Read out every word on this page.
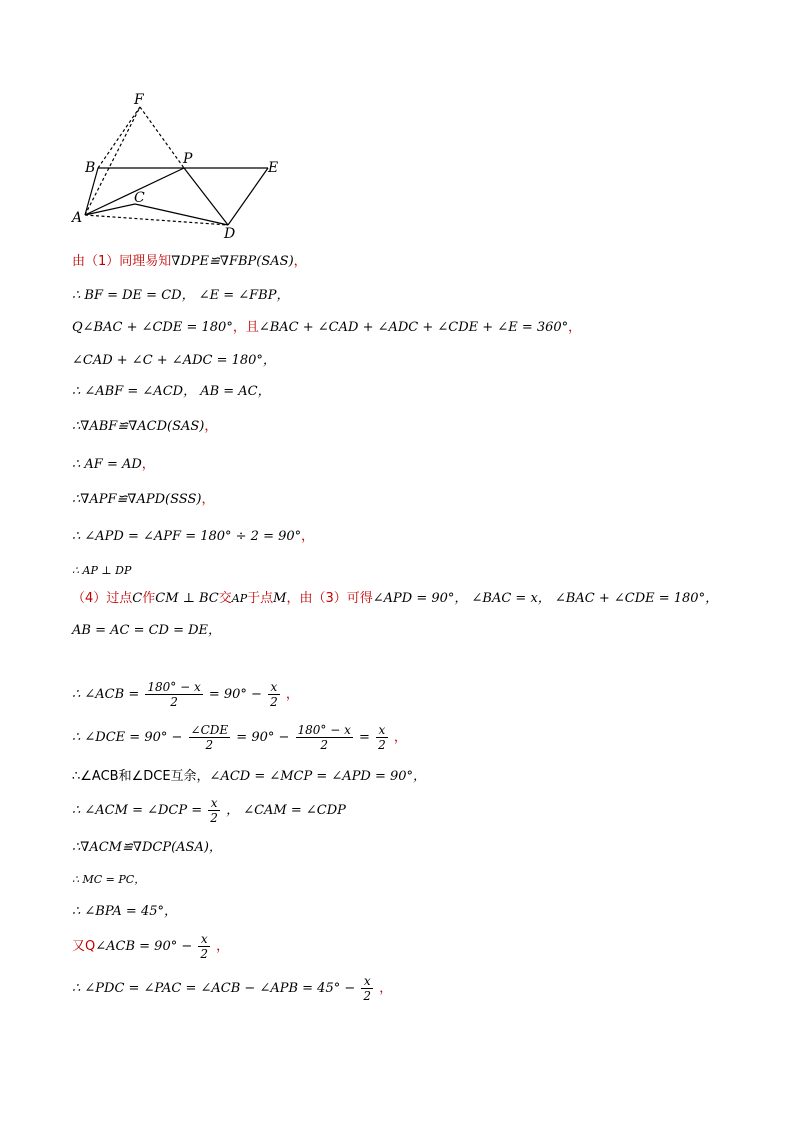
F
B
P
E
C
A
D
由（1）同理易知∇DPE≌∇FBP(SAS)，
∴ BF = DE = CD， ∠E = ∠FBP，
Q∠BAC + ∠CDE = 180°，且∠BAC + ∠CAD + ∠ADC + ∠CDE + ∠E = 360°，
∠CAD + ∠C + ∠ADC = 180°，
∴ ∠ABF = ∠ACD， AB = AC，
∴∇ABF≌∇ACD(SAS)，
∴ AF = AD，
∴∇APF≌∇APD(SSS)，
∴ ∠APD = ∠APF = 180° ÷ 2 = 90°，
∴ AP ⊥ DP
（4）过点C作CM ⊥ BC交AP于点M，由（3）可得∠APD = 90°， ∠BAC = x， ∠BAC + ∠CDE = 180°，
AB = AC = CD = DE，
∴ ∠ACB = $\frac{180^\circ - x}{2} = 90^\circ - \frac{x}{2}$ ，
∴ ∠DCE = $90^\circ - \frac{\text{∠CDE}}{2} = 90^\circ - \frac{180^\circ - x}{2} = \frac{x}{2}$ ，
∴∠ACB和∠DCE互余，∠ACD = ∠MCP = ∠APD = 90°，
∴ ∠ACM = ∠DCP = $\frac{x}{2}$ ， ∠CAM = ∠CDP
∴∇ACM≌∇DCP(ASA)，
∴ MC = PC，
∴ ∠BPA = 45°，
又Q∠ACB = $90^\circ - \frac{x}{2}$ ，
∴ ∠PDC = ∠PAC = ∠ACB − ∠APB = $45^\circ - \frac{x}{2}$ ，
